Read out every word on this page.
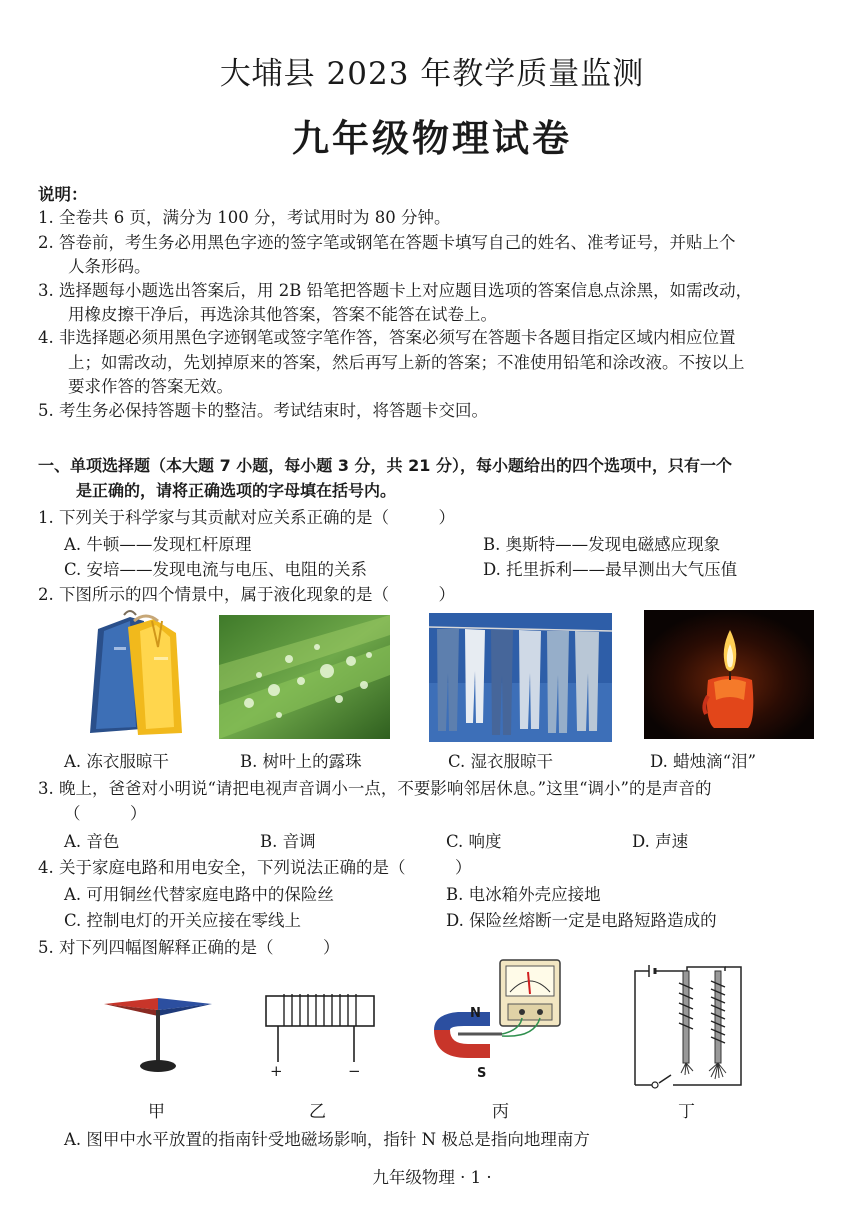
大埔县 2023 年教学质量监测
九年级物理试卷
说明：
1. 全卷共 6 页，满分为 100 分，考试用时为 80 分钟。
2. 答卷前，考生务必用黑色字迹的签字笔或钢笔在答题卡填写自己的姓名、准考证号，并贴上个
人条形码。
3. 选择题每小题选出答案后，用 2B 铅笔把答题卡上对应题目选项的答案信息点涂黑，如需改动，
用橡皮擦干净后，再选涂其他答案，答案不能答在试卷上。
4. 非选择题必须用黑色字迹钢笔或签字笔作答，答案必须写在答题卡各题目指定区域内相应位置
上；如需改动，先划掉原来的答案，然后再写上新的答案；不准使用铅笔和涂改液。不按以上
要求作答的答案无效。
5. 考生务必保持答题卡的整洁。考试结束时，将答题卡交回。
一、单项选择题（本大题 7 小题，每小题 3 分，共 21 分），每小题给出的四个选项中，只有一个
是正确的，请将正确选项的字母填在括号内。
1. 下列关于科学家与其贡献对应关系正确的是（　　　）
A. 牛顿——发现杠杆原理	B. 奥斯特——发现电磁感应现象
C. 安培——发现电流与电压、电阻的关系	D. 托里拆利——最早测出大气压值
2. 下图所示的四个情景中，属于液化现象的是（　　　）
A. 冻衣服晾干	B. 树叶上的露珠	C. 湿衣服晾干	D. 蜡烛滴“泪”
3. 晚上，爸爸对小明说“请把电视声音调小一点，不要影响邻居休息。”这里“调小”的是声音的
（　　　）
A. 音色	B. 音调	C. 响度	D. 声速
4. 关于家庭电路和用电安全，下列说法正确的是（　　　）
A. 可用铜丝代替家庭电路中的保险丝	B. 电冰箱外壳应接地
C. 控制电灯的开关应接在零线上	D. 保险丝熔断一定是电路短路造成的
5. 对下列四幅图解释正确的是（　　　）
+	−
N
S
甲	乙	丙	丁
A. 图甲中水平放置的指南针受地磁场影响，指针 N 极总是指向地理南方
九年级物理 · 1 ·
